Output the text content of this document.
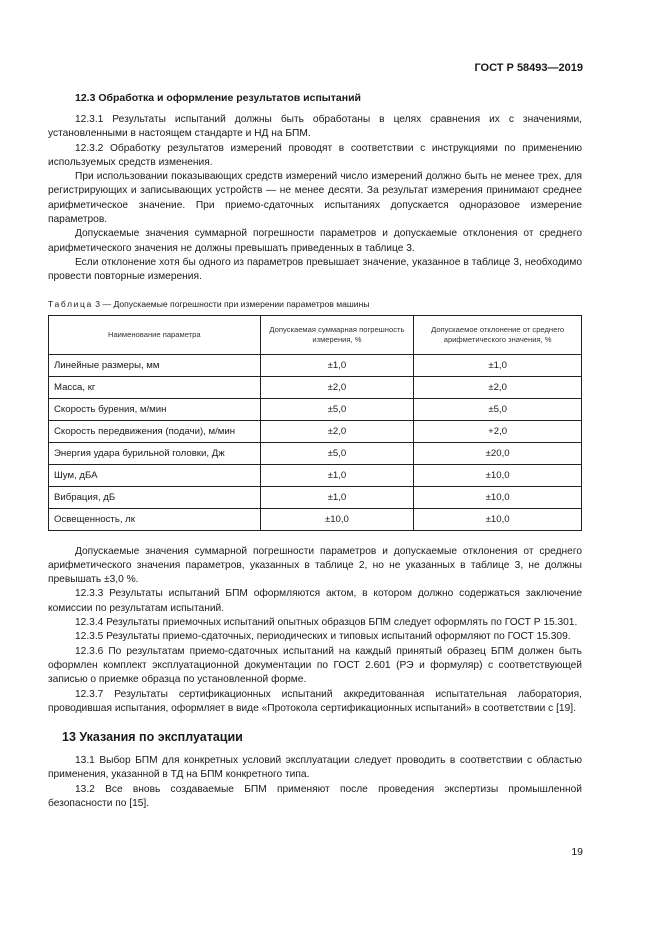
ГОСТ Р 58493—2019
12.3 Обработка и оформление результатов испытаний

12.3.1 Результаты испытаний должны быть обработаны в целях сравнения их с значениями, установленными в настоящем стандарте и НД на БПМ.

12.3.2 Обработку результатов измерений проводят в соответствии с инструкциями по применению используемых средств изменения.

При использовании показывающих средств измерений число измерений должно быть не менее трех, для регистрирующих и записывающих устройств — не менее десяти. За результат измерения принимают среднее арифметическое значение. При приемо-сдаточных испытаниях допускается одноразовое измерение параметров.

Допускаемые значения суммарной погрешности параметров и допускаемые отклонения от среднего арифметического значения не должны превышать приведенных в таблице 3.

Если отклонение хотя бы одного из параметров превышает значение, указанное в таблице 3, необходимо провести повторные измерения.

Таблица 3 — Допускаемые погрешности при измерении параметров машины
Наименование параметра	Допускаемая суммарная погрешность измерения, %	Допускаемое отклонение от среднего арифметического значения, %
Линейные размеры, мм	±1,0	±1,0
Масса, кг	±2,0	±2,0
Скорость бурения, м/мин	±5,0	±5,0
Скорость передвижения (подачи), м/мин	±2,0	+2,0
Энергия удара бурильной головки, Дж	±5,0	±20,0
Шум, дБА	±1,0	±10,0
Вибрация, дБ	±1,0	±10,0
Освещенность, лк	±10,0	±10,0

Допускаемые значения суммарной погрешности параметров и допускаемые отклонения от среднего арифметического значения параметров, указанных в таблице 2, но не указанных в таблице 3, не должны превышать ±3,0 %.

12.3.3 Результаты испытаний БПМ оформляются актом, в котором должно содержаться заключение комиссии по результатам испытаний.

12.3.4 Результаты приемочных испытаний опытных образцов БПМ следует оформлять по ГОСТ Р 15.301.

12.3.5 Результаты приемо-сдаточных, периодических и типовых испытаний оформляют по ГОСТ 15.309.

12.3.6 По результатам приемо-сдаточных испытаний на каждый принятый образец БПМ должен быть оформлен комплект эксплуатационной документации по ГОСТ 2.601 (РЭ и формуляр) с соответствующей записью о приемке образца по установленной форме.

12.3.7 Результаты сертификационных испытаний аккредитованная испытательная лаборатория, проводившая испытания, оформляет в виде «Протокола сертификационных испытаний» в соответствии с [19].

13 Указания по эксплуатации

13.1 Выбор БПМ для конкретных условий эксплуатации следует проводить в соответствии с областью применения, указанной в ТД на БПМ конкретного типа.

13.2 Все вновь создаваемые БПМ применяют после проведения экспертизы промышленной безопасности по [15].

19
